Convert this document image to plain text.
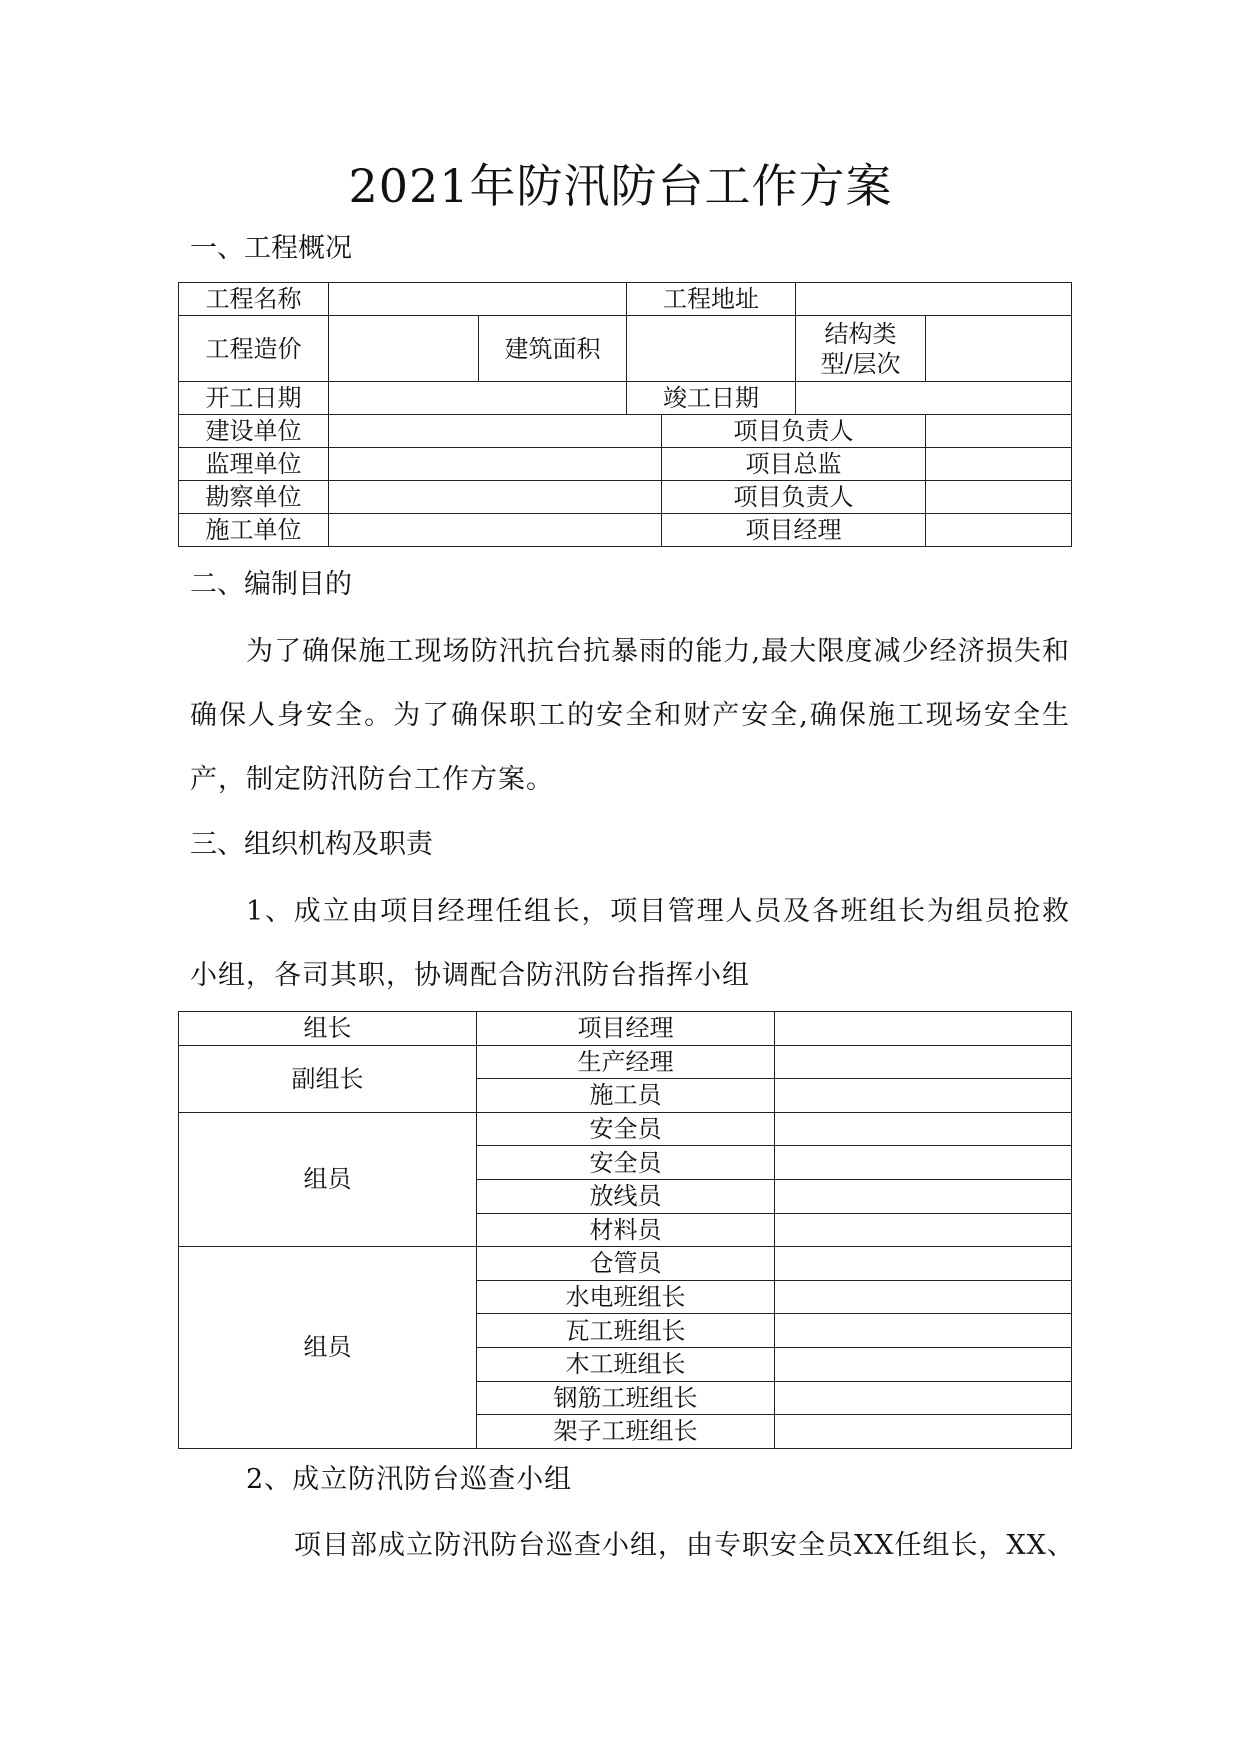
2021年防汛防台工作方案
一、工程概况
工程名称			工程地址			
工程造价		建筑面积			结构类型/层次	
开工日期			竣工日期			
建设单位				项目负责人		
监理单位				项目总监		
勘察单位				项目负责人		
施工单位				项目经理		
二、编制目的
为了确保施工现场防汛抗台抗暴雨的能力,最大限度减少经济损失和确保人身安全。为了确保职工的安全和财产安全,确保施工现场安全生产，制定防汛防台工作方案。
三、组织机构及职责
1、成立由项目经理任组长，项目管理人员及各班组长为组员抢救小组，各司其职，协调配合防汛防台指挥小组
组长	项目经理	
副组长	生产经理	
	施工员	
组员	安全员	
	安全员	
	放线员	
	材料员	
组员	仓管员	
	水电班组长	
	瓦工班组长	
	木工班组长	
	钢筋工班组长	
	架子工班组长	
2、成立防汛防台巡查小组
项目部成立防汛防台巡查小组，由专职安全员XX任组长，XX、
